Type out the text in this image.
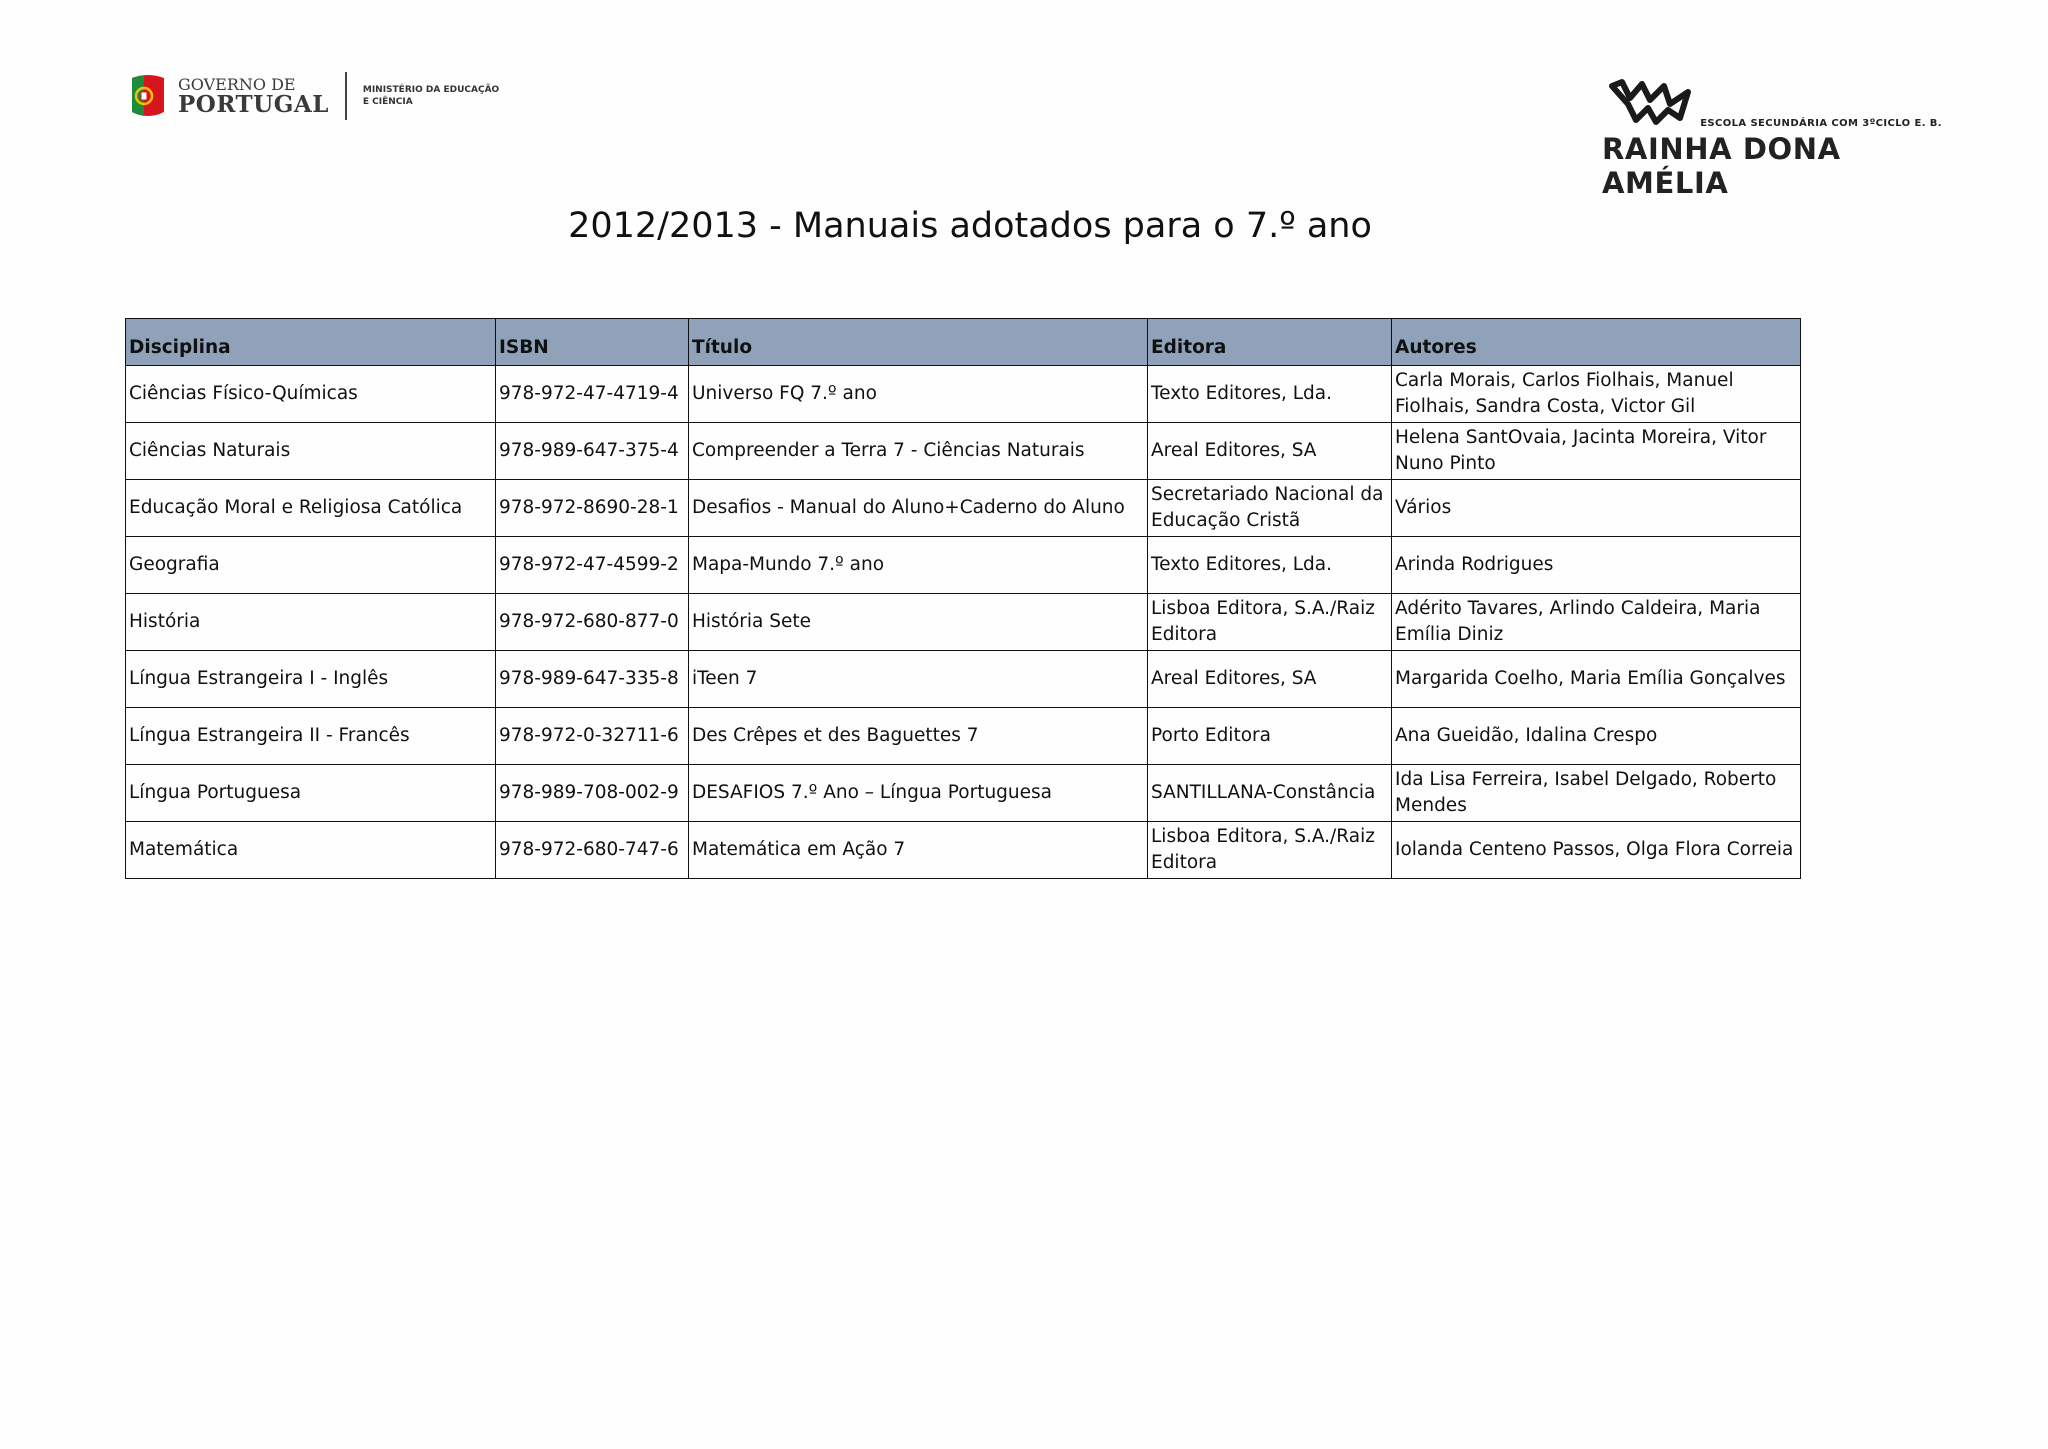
GOVERNO DE
PORTUGAL
MINISTÉRIO DA EDUCAÇÃO
E CIÊNCIA
ESCOLA SECUNDÁRIA COM 3ºCICLO E. B.
RAINHA DONA AMÉLIA
2012/2013 - Manuais adotados para o 7.º ano
Disciplina	ISBN	Título	Editora	Autores
Ciências Físico-Químicas	978-972-47-4719-4	Universo FQ 7.º ano	Texto Editores, Lda.	Carla Morais, Carlos Fiolhais, Manuel Fiolhais, Sandra Costa, Victor Gil
Ciências Naturais	978-989-647-375-4	Compreender a Terra 7 - Ciências Naturais	Areal Editores, SA	Helena SantOvaia, Jacinta Moreira, Vitor Nuno Pinto
Educação Moral e Religiosa Católica	978-972-8690-28-1	Desafios - Manual do Aluno+Caderno do Aluno	Secretariado Nacional da Educação Cristã	Vários
Geografia	978-972-47-4599-2	Mapa-Mundo 7.º ano	Texto Editores, Lda.	Arinda Rodrigues
História	978-972-680-877-0	História Sete	Lisboa Editora, S.A./Raiz Editora	Adérito Tavares, Arlindo Caldeira, Maria Emília Diniz
Língua Estrangeira I - Inglês	978-989-647-335-8	iTeen 7	Areal Editores, SA	Margarida Coelho, Maria Emília Gonçalves
Língua Estrangeira II - Francês	978-972-0-32711-6	Des Crêpes et des Baguettes 7	Porto Editora	Ana Gueidão, Idalina Crespo
Língua Portuguesa	978-989-708-002-9	DESAFIOS 7.º Ano – Língua Portuguesa	SANTILLANA-Constância	Ida Lisa Ferreira, Isabel Delgado, Roberto Mendes
Matemática	978-972-680-747-6	Matemática em Ação 7	Lisboa Editora, S.A./Raiz Editora	Iolanda Centeno Passos, Olga Flora Correia
